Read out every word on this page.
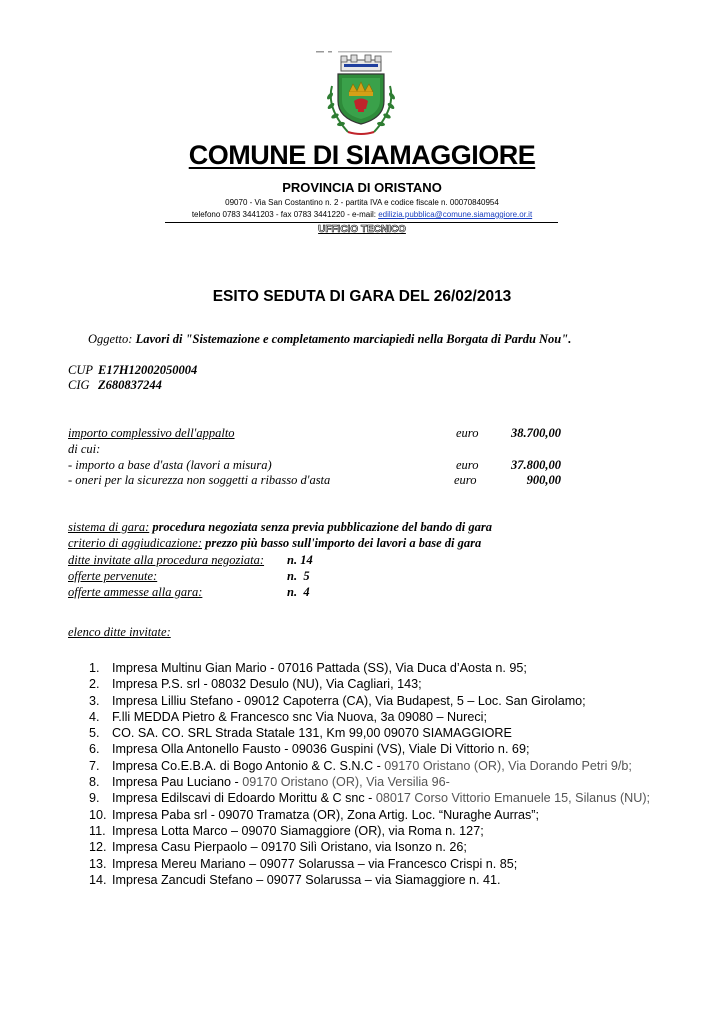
COMUNE DI SIAMAGGIORE
PROVINCIA DI ORISTANO
09070 - Via San Costantino n. 2 - partita IVA e codice fiscale n. 00070840954
telefono 0783 3441203 - fax 0783 3441220 - e-mail: edilizia.pubblica@comune.siamaggiore.or.it
UFFICIO TECNICO
ESITO SEDUTA DI GARA DEL 26/02/2013
Oggetto: Lavori di "Sistemazione e completamento marciapiedi nella Borgata di Pardu Nou".
CUP E17H12002050004
CIG Z680837244
importo complessivo dell'appalto	euro	38.700,00
di cui:
- importo a base d'asta (lavori a misura)	euro	37.800,00
- oneri per la sicurezza non soggetti a ribasso d'asta	euro	900,00
sistema di gara: procedura negoziata senza previa pubblicazione del bando di gara
criterio di aggiudicazione: prezzo più basso sull'importo dei lavori a base di gara
ditte invitate alla procedura negoziata: n. 14
offerte pervenute:	n.  5
offerte ammesse alla gara:	n.  4
elenco ditte invitate:
1. Impresa Multinu Gian Mario - 07016 Pattada (SS), Via Duca d’Aosta n. 95;
2. Impresa P.S. srl - 08032 Desulo (NU), Via Cagliari, 143;
3. Impresa Lilliu Stefano - 09012 Capoterra (CA), Via Budapest, 5 – Loc. San Girolamo;
4. F.lli MEDDA Pietro & Francesco snc Via Nuova, 3a 09080 – Nureci;
5. CO. SA. CO. SRL Strada Statale 131, Km 99,00 09070 SIAMAGGIORE
6. Impresa Olla Antonello Fausto - 09036 Guspini (VS), Viale Di Vittorio n. 69;
7. Impresa Co.E.B.A. di Bogo Antonio & C. S.N.C - 09170 Oristano (OR), Via Dorando Petri 9/b;
8. Impresa Pau Luciano - 09170 Oristano (OR), Via Versilia 96-
9. Impresa Edilscavi di Edoardo Morittu & C snc - 08017 Corso Vittorio Emanuele 15, Silanus (NU);
10. Impresa Paba srl - 09070 Tramatza (OR), Zona Artig. Loc. “Nuraghe Aurras”;
11. Impresa Lotta Marco – 09070 Siamaggiore (OR), via Roma n. 127;
12. Impresa Casu Pierpaolo – 09170 Silì Oristano, via Isonzo n. 26;
13. Impresa Mereu Mariano – 09077 Solarussa – via Francesco Crispi n. 85;
14. Impresa Zancudi Stefano – 09077 Solarussa – via Siamaggiore n. 41.
